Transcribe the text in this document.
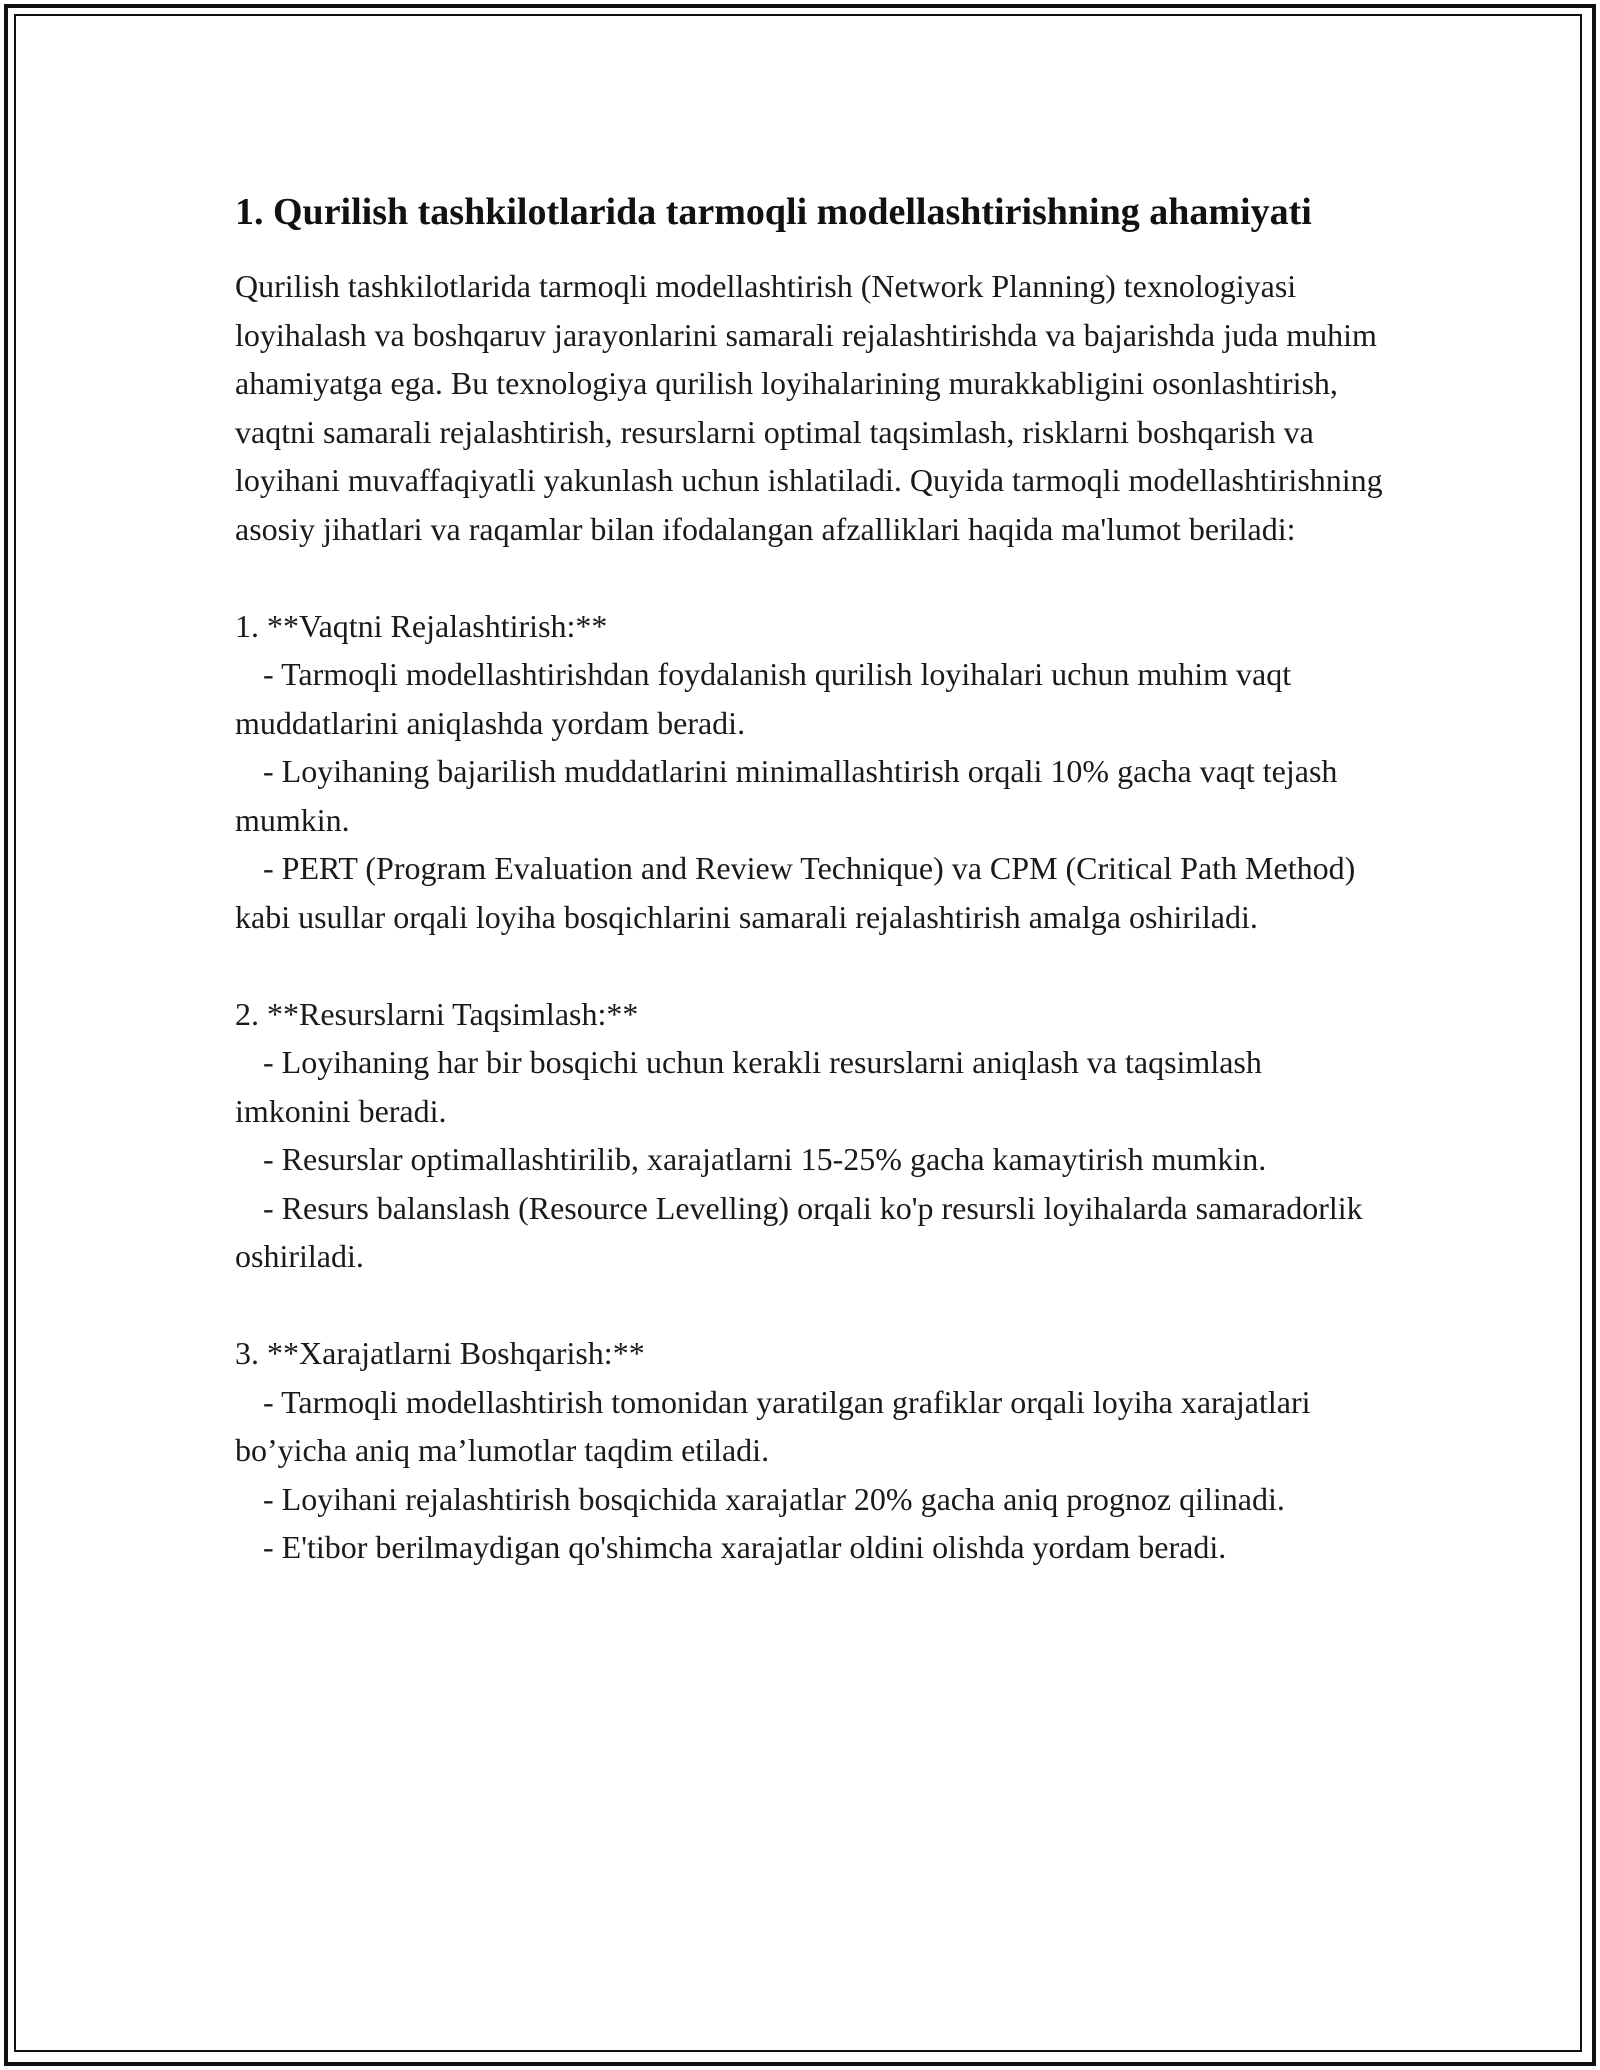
1. Qurilish tashkilotlarida tarmoqli modellashtirishning ahamiyati

Qurilish tashkilotlarida tarmoqli modellashtirish (Network Planning) texnologiyasi loyihalash va boshqaruv jarayonlarini samarali rejalashtirishda va bajarishda juda muhim ahamiyatga ega. Bu texnologiya qurilish loyihalarining murakkabligini osonlashtirish, vaqtni samarali rejalashtirish, resurslarni optimal taqsimlash, risklarni boshqarish va loyihani muvaffaqiyatli yakunlash uchun ishlatiladi. Quyida tarmoqli modellashtirishning asosiy jihatlari va raqamlar bilan ifodalangan afzalliklari haqida ma'lumot beriladi:

1. **Vaqtni Rejalashtirish:**

- Tarmoqli modellashtirishdan foydalanish qurilish loyihalari uchun muhim vaqt muddatlarini aniqlashda yordam beradi.

- Loyihaning bajarilish muddatlarini minimallashtirish orqali 10% gacha vaqt tejash mumkin.

- PERT (Program Evaluation and Review Technique) va CPM (Critical Path Method) kabi usullar orqali loyiha bosqichlarini samarali rejalashtirish amalga oshiriladi.

2. **Resurslarni Taqsimlash:**

- Loyihaning har bir bosqichi uchun kerakli resurslarni aniqlash va taqsimlash imkonini beradi.

- Resurslar optimallashtirilib, xarajatlarni 15-25% gacha kamaytirish mumkin.

- Resurs balanslash (Resource Levelling) orqali ko'p resursli loyihalarda samaradorlik oshiriladi.

3. **Xarajatlarni Boshqarish:**

- Tarmoqli modellashtirish tomonidan yaratilgan grafiklar orqali loyiha xarajatlari bo’yicha aniq ma’lumotlar taqdim etiladi.

- Loyihani rejalashtirish bosqichida xarajatlar 20% gacha aniq prognoz qilinadi.

- E'tibor berilmaydigan qo'shimcha xarajatlar oldini olishda yordam beradi.
